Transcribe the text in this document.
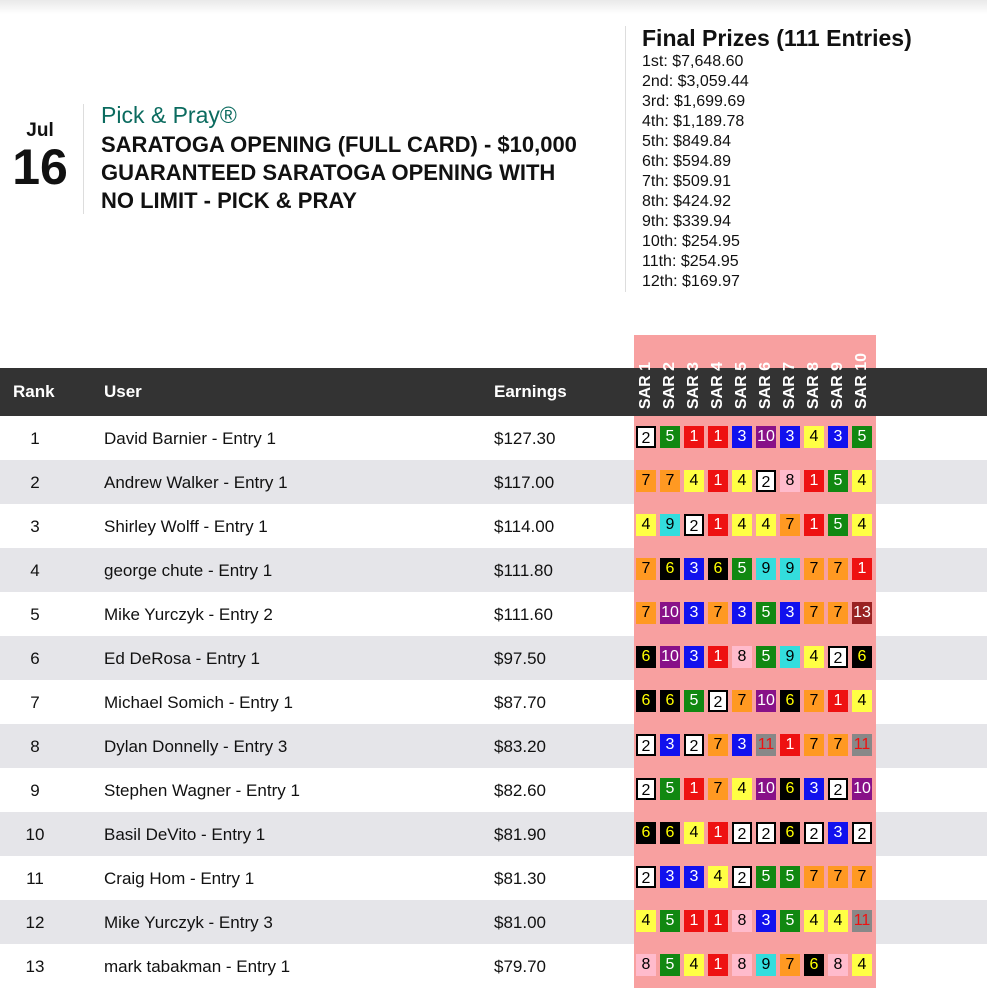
Jul
16
Pick & Pray®
SARATOGA OPENING (FULL CARD) - $10,000 GUARANTEED SARATOGA OPENING WITH NO LIMIT - PICK & PRAY
Final Prizes (111 Entries)
1st: $7,648.60
2nd: $3,059.44
3rd: $1,699.69
4th: $1,189.78
5th: $849.84
6th: $594.89
7th: $509.91
8th: $424.92
9th: $339.94
10th: $254.95
11th: $254.95
12th: $169.97
Rank	User	Earnings	SAR 1 SAR 2 SAR 3 SAR 4 SAR 5 SAR 6 SAR 7 SAR 8 SAR 9 SAR 10
1	David Barnier - Entry 1	$127.30	2 5 1 1 3 10 3 4 3 5
2	Andrew Walker - Entry 1	$117.00	7 7 4 1 4 2 8 1 5 4
3	Shirley Wolff - Entry 1	$114.00	4 9 2 1 4 4 7 1 5 4
4	george chute - Entry 1	$111.80	7 6 3 6 5 9 9 7 7 1
5	Mike Yurczyk - Entry 2	$111.60	7 10 3 7 3 5 3 7 7 13
6	Ed DeRosa - Entry 1	$97.50	6 10 3 1 8 5 9 4 2 6
7	Michael Somich - Entry 1	$87.70	6 6 5 2 7 10 6 7 1 4
8	Dylan Donnelly - Entry 3	$83.20	2 3 2 7 3 11 1 7 7 11
9	Stephen Wagner - Entry 1	$82.60	2 5 1 7 4 10 6 3 2 10
10	Basil DeVito - Entry 1	$81.90	6 6 4 1 2 2 6 2 3 2
11	Craig Hom - Entry 1	$81.30	2 3 3 4 2 5 5 7 7 7
12	Mike Yurczyk - Entry 3	$81.00	4 5 1 1 8 3 5 4 4 11
13	mark tabakman - Entry 1	$79.70	8 5 4 1 8 9 7 6 8 4
